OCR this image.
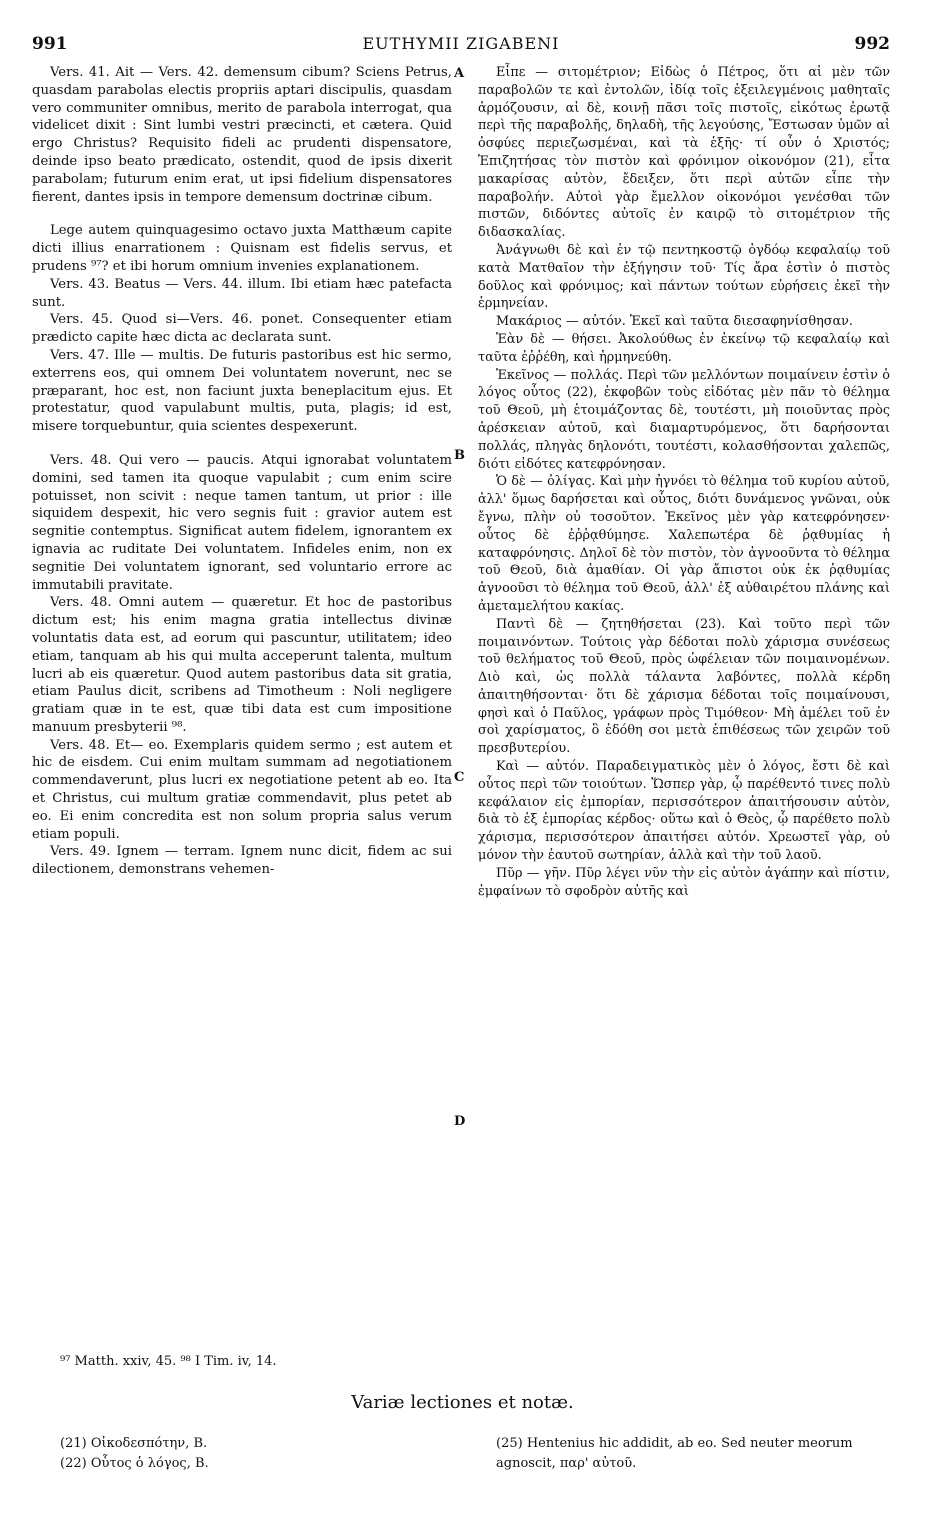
991	EUTHYMII ZIGABENI	992

Vers. 41. Ait — Vers. 42. demensum cibum? Sciens Petrus, quasdam parabolas electis propriis aptari discipulis, quasdam vero communiter omnibus, merito de parabola interrogat, qua videlicet dixit : Sint lumbi vestri præcincti, et cætera. Quid ergo Christus? Requisito fideli ac prudenti dispensatore, deinde ipso beato prædicato, ostendit, quod de ipsis dixerit parabolam; futurum enim erat, ut ipsi fidelium dispensatores fierent, dantes ipsis in tempore demensum doctrinæ cibum.

Lege autem quinquagesimo octavo juxta Matthæum capite dicti illius enarrationem : Quisnam est fidelis servus, et prudens ⁹⁷? et ibi horum omnium invenies explanationem.

Vers. 43. Beatus — Vers. 44. illum. Ibi etiam hæc patefacta sunt.

Vers. 45. Quod si—Vers. 46. ponet. Consequenter etiam prædicto capite hæc dicta ac declarata sunt.

Vers. 47. Ille — multis. De futuris pastoribus est hic sermo, exterrens eos, qui omnem Dei voluntatem noverunt, nec se præparant, hoc est, non faciunt juxta beneplacitum ejus. Et protestatur, quod vapulabunt multis, puta, plagis; id est, misere torquebuntur, quia scientes despexerunt.

Vers. 48. Qui vero — paucis. Atqui ignorabat voluntatem domini, sed tamen ita quoque vapulabit ; cum enim scire potuisset, non scivit : neque tamen tantum, ut prior : ille siquidem despexit, hic vero segnis fuit : gravior autem est segnitie contemptus. Significat autem fidelem, ignorantem ex ignavia ac ruditate Dei voluntatem. Infideles enim, non ex segnitie Dei voluntatem ignorant, sed voluntario errore ac immutabili pravitate.

Vers. 48. Omni autem — quæretur. Et hoc de pastoribus dictum est; his enim magna gratia intellectus divinæ voluntatis data est, ad eorum qui pascuntur, utilitatem; ideo etiam, tanquam ab his qui multa acceperunt talenta, multum lucri ab eis quæretur. Quod autem pastoribus data sit gratia, etiam Paulus dicit, scribens ad Timotheum : Noli negligere gratiam quæ in te est, quæ tibi data est cum impositione manuum presbyterii ⁹⁸.

Vers. 48. Et— eo. Exemplaris quidem sermo ; est autem et hic de eisdem. Cui enim multam summam ad negotiationem commendaverunt, plus lucri ex negotiatione petent ab eo. Ita et Christus, cui multum gratiæ commendavit, plus petet ab eo. Ei enim concredita est non solum propria salus verum etiam populi.

Vers. 49. Ignem — terram. Ignem nunc dicit, fidem ac sui dilectionem, demonstrans vehemen-

A
B
C
D

Εἶπε — σιτομέτριον; Εἰδὼς ὁ Πέτρος, ὅτι αἱ μὲν τῶν παραβολῶν τε καὶ ἐντολῶν, ἰδίᾳ τοῖς ἐξειλεγμένοις μαθηταῖς ἁρμόζουσιν, αἱ δὲ, κοινῇ πᾶσι τοῖς πιστοῖς, εἰκότως ἐρωτᾷ περὶ τῆς παραβολῆς, δηλαδὴ, τῆς λεγούσης, Ἔστωσαν ὑμῶν αἱ ὀσφύες περιεζωσμέναι, καὶ τὰ ἑξῆς· τί οὖν ὁ Χριστός; Ἐπιζητήσας τὸν πιστὸν καὶ φρόνιμον οἰκονόμον (21), εἶτα μακαρίσας αὐτὸν, ἔδειξεν, ὅτι περὶ αὐτῶν εἶπε τὴν παραβολήν. Αὐτοὶ γὰρ ἔμελλον οἰκονόμοι γενέσθαι τῶν πιστῶν, διδόντες αὐτοῖς ἐν καιρῷ τὸ σιτομέτριον τῆς διδασκαλίας.

Ἀνάγνωθι δὲ καὶ ἐν τῷ πεντηκοστῷ ὀγδόῳ κεφαλαίῳ τοῦ κατὰ Ματθαῖον τὴν ἐξήγησιν τοῦ· Τίς ἄρα ἐστὶν ὁ πιστὸς δοῦλος καὶ φρόνιμος; καὶ πάντων τούτων εὑρήσεις ἐκεῖ τὴν ἑρμηνείαν.

Μακάριος — αὐτόν. Ἐκεῖ καὶ ταῦτα διεσαφηνίσθησαν.

Ἐὰν δὲ — θήσει. Ἀκολούθως ἐν ἐκείνῳ τῷ κεφαλαίῳ καὶ ταῦτα ἐῤῥέθη, καὶ ἡρμηνεύθη.

Ἐκεῖνος — πολλάς. Περὶ τῶν μελλόντων ποιμαίνειν ἐστὶν ὁ λόγος οὗτος (22), ἐκφοβῶν τοὺς εἰδότας μὲν πᾶν τὸ θέλημα τοῦ Θεοῦ, μὴ ἑτοιμάζοντας δὲ, τουτέστι, μὴ ποιοῦντας πρὸς ἀρέσκειαν αὐτοῦ, καὶ διαμαρτυρόμενος, ὅτι δαρήσονται πολλάς, πληγὰς δηλονότι, τουτέστι, κολασθήσονται χαλεπῶς, διότι εἰδότες κατεφρόνησαν.

Ὁ δὲ — ὀλίγας. Καὶ μὴν ἠγνόει τὸ θέλημα τοῦ κυρίου αὐτοῦ, ἀλλ' ὅμως δαρήσεται καὶ οὗτος, διότι δυνάμενος γνῶναι, οὐκ ἔγνω, πλὴν οὐ τοσοῦτον. Ἐκεῖνος μὲν γὰρ κατεφρόνησεν· οὗτος δὲ ἐῤῥᾳθύμησε. Χαλεπωτέρα δὲ ῥᾳθυμίας ἡ καταφρόνησις. Δηλοῖ δὲ τὸν πιστὸν, τὸν ἀγνοοῦντα τὸ θέλημα τοῦ Θεοῦ, διὰ ἀμαθίαν. Οἱ γὰρ ἄπιστοι οὐκ ἐκ ῥᾳθυμίας ἀγνοοῦσι τὸ θέλημα τοῦ Θεοῦ, ἀλλ' ἐξ αὐθαιρέτου πλάνης καὶ ἀμεταμελήτου κακίας.

Παντὶ δὲ — ζητηθήσεται (23). Καὶ τοῦτο περὶ τῶν ποιμαινόντων. Τούτοις γὰρ δέδοται πολὺ χάρισμα συνέσεως τοῦ θελήματος τοῦ Θεοῦ, πρὸς ὠφέλειαν τῶν ποιμαινομένων. Διὸ καὶ, ὡς πολλὰ τάλαντα λαβόντες, πολλὰ κέρδη ἀπαιτηθήσονται· ὅτι δὲ χάρισμα δέδοται τοῖς ποιμαίνουσι, φησὶ καὶ ὁ Παῦλος, γράφων πρὸς Τιμόθεον· Μὴ ἀμέλει τοῦ ἐν σοὶ χαρίσματος, ὃ ἐδόθη σοι μετὰ ἐπιθέσεως τῶν χειρῶν τοῦ πρεσβυτερίου.

Καὶ — αὐτόν. Παραδειγματικὸς μὲν ὁ λόγος, ἔστι δὲ καὶ οὗτος περὶ τῶν τοιούτων. Ὥσπερ γὰρ, ᾧ παρέθεντό τινες πολὺ κεφάλαιον εἰς ἐμπορίαν, περισσότερον ἀπαιτήσουσιν αὐτὸν, διὰ τὸ ἐξ ἐμπορίας κέρδος· οὕτω καὶ ὁ Θεὸς, ᾧ παρέθετο πολὺ χάρισμα, περισσότερον ἀπαιτήσει αὐτόν. Χρεωστεῖ γὰρ, οὐ μόνον τὴν ἑαυτοῦ σωτηρίαν, ἀλλὰ καὶ τὴν τοῦ λαοῦ.

Πῦρ — γῆν. Πῦρ λέγει νῦν τὴν εἰς αὐτὸν ἀγάπην καὶ πίστιν, ἐμφαίνων τὸ σφοδρὸν αὐτῆς καὶ

⁹⁷ Matth. xxiv, 45. ⁹⁸ I Tim. iv, 14.
Variæ lectiones et notæ.
(21) Οἰκοδεσπότην, B.
(22) Οὗτος ὁ λόγος, B.
(25) Hentenius hic addidit, ab eo. Sed neuter meorum agnoscit, παρ' αὐτοῦ.
